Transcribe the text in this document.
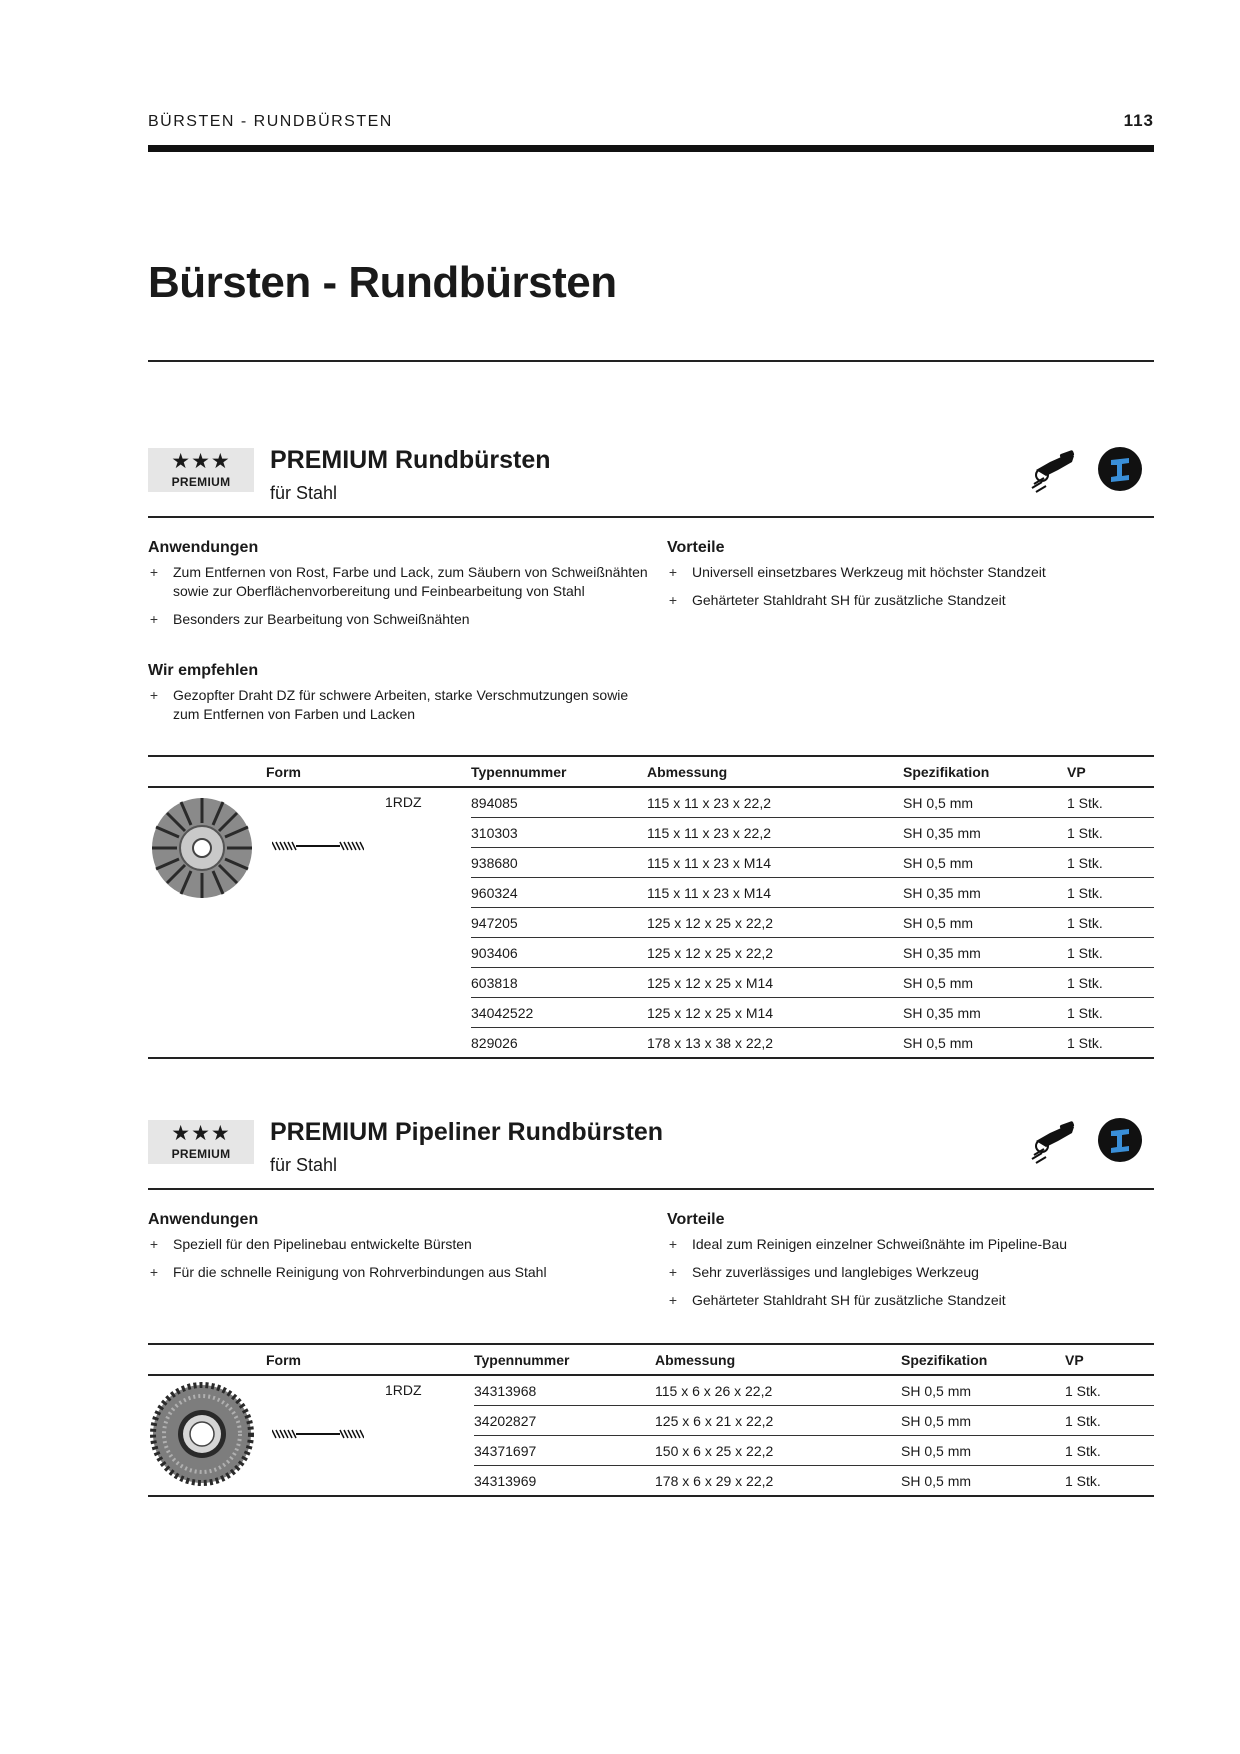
BÜRSTEN - RUNDBÜRSTEN	113
Bürsten - Rundbürsten
★★★
PREMIUM
PREMIUM Rundbürsten
für Stahl
Anwendungen
+ Zum Entfernen von Rost, Farbe und Lack, zum Säubern von Schweißnähten sowie zur Oberflächenvorbereitung und Feinbearbeitung von Stahl
+ Besonders zur Bearbeitung von Schweißnähten
Wir empfehlen
+ Gezopfter Draht DZ für schwere Arbeiten, starke Verschmutzungen sowie zum Entfernen von Farben und Lacken
Vorteile
+ Universell einsetzbares Werkzeug mit höchster Standzeit
+ Gehärteter Stahldraht SH für zusätzliche Standzeit
Form	Typennummer	Abmessung	Spezifikation	VP

1RDZ	894085	115 x 11 x 23 x 22,2	SH 0,5 mm	1 Stk.
	310303	115 x 11 x 23 x 22,2	SH 0,35 mm	1 Stk.
	938680	115 x 11 x 23 x M14	SH 0,5 mm	1 Stk.
	960324	115 x 11 x 23 x M14	SH 0,35 mm	1 Stk.
	947205	125 x 12 x 25 x 22,2	SH 0,5 mm	1 Stk.
	903406	125 x 12 x 25 x 22,2	SH 0,35 mm	1 Stk.
	603818	125 x 12 x 25 x M14	SH 0,5 mm	1 Stk.
	34042522	125 x 12 x 25 x M14	SH 0,35 mm	1 Stk.
	829026	178 x 13 x 38 x 22,2	SH 0,5 mm	1 Stk.
★★★
PREMIUM
PREMIUM Pipeliner Rundbürsten
für Stahl
Anwendungen
+ Speziell für den Pipelinebau entwickelte Bürsten
+ Für die schnelle Reinigung von Rohrverbindungen aus Stahl
Vorteile
+ Ideal zum Reinigen einzelner Schweißnähte im Pipeline-Bau
+ Sehr zuverlässiges und langlebiges Werkzeug
+ Gehärteter Stahldraht SH für zusätzliche Standzeit
Form	Typennummer	Abmessung	Spezifikation	VP

1RDZ	34313968	115 x 6 x 26 x 22,2	SH 0,5 mm	1 Stk.
	34202827	125 x 6 x 21 x 22,2	SH 0,5 mm	1 Stk.
	34371697	150 x 6 x 25 x 22,2	SH 0,5 mm	1 Stk.
	34313969	178 x 6 x 29 x 22,2	SH 0,5 mm	1 Stk.
